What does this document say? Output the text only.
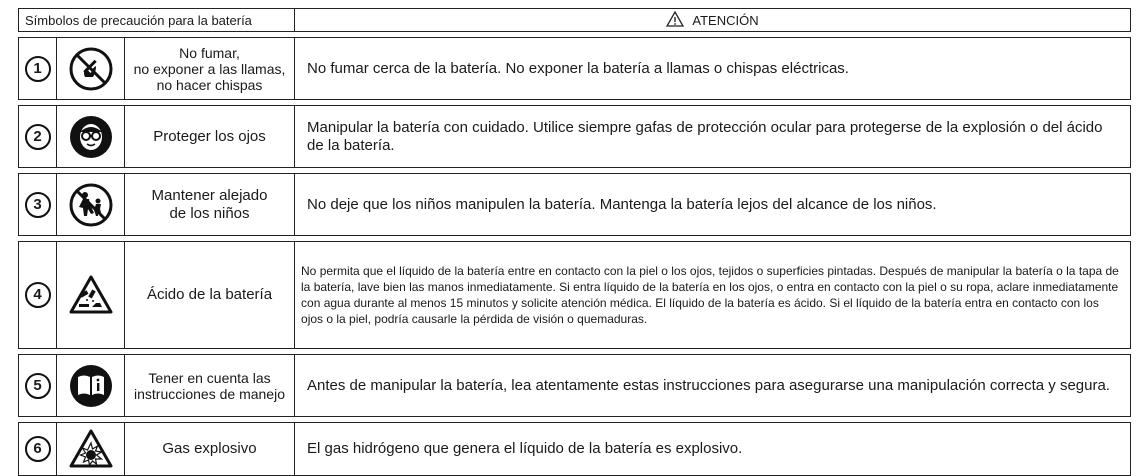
Símbolos de precaución para la batería			ATENCIÓN

1		No fumar,
no exponer a las llamas,
no hacer chispas	No fumar cerca de la batería. No exponer la batería a llamas o chispas eléctricas.

2		Proteger los ojos	Manipular la batería con cuidado. Utilice siempre gafas de protección ocular para protegerse de la explosión o del ácido de la batería.

3		Mantener alejado
de los niños	No deje que los niños manipulen la batería. Mantenga la batería lejos del alcance de los niños.

4		Ácido de la batería	No permita que el líquido de la batería entre en contacto con la piel o los ojos, tejidos o superficies pintadas. Después de manipular la batería o la tapa de la batería, lave bien las manos inmediatamente. Si entra líquido de la batería en los ojos, o entra en contacto con la piel o su ropa, aclare inmediatamente con agua durante al menos 15 minutos y solicite atención médica. El líquido de la batería es ácido. Si el líquido de la batería entra en contacto con los ojos o la piel, podría causarle la pérdida de visión o quemaduras.

5		Tener en cuenta las
instrucciones de manejo	Antes de manipular la batería, lea atentamente estas instrucciones para asegurarse una manipulación correcta y segura.

6		Gas explosivo	El gas hidrógeno que genera el líquido de la batería es explosivo.
